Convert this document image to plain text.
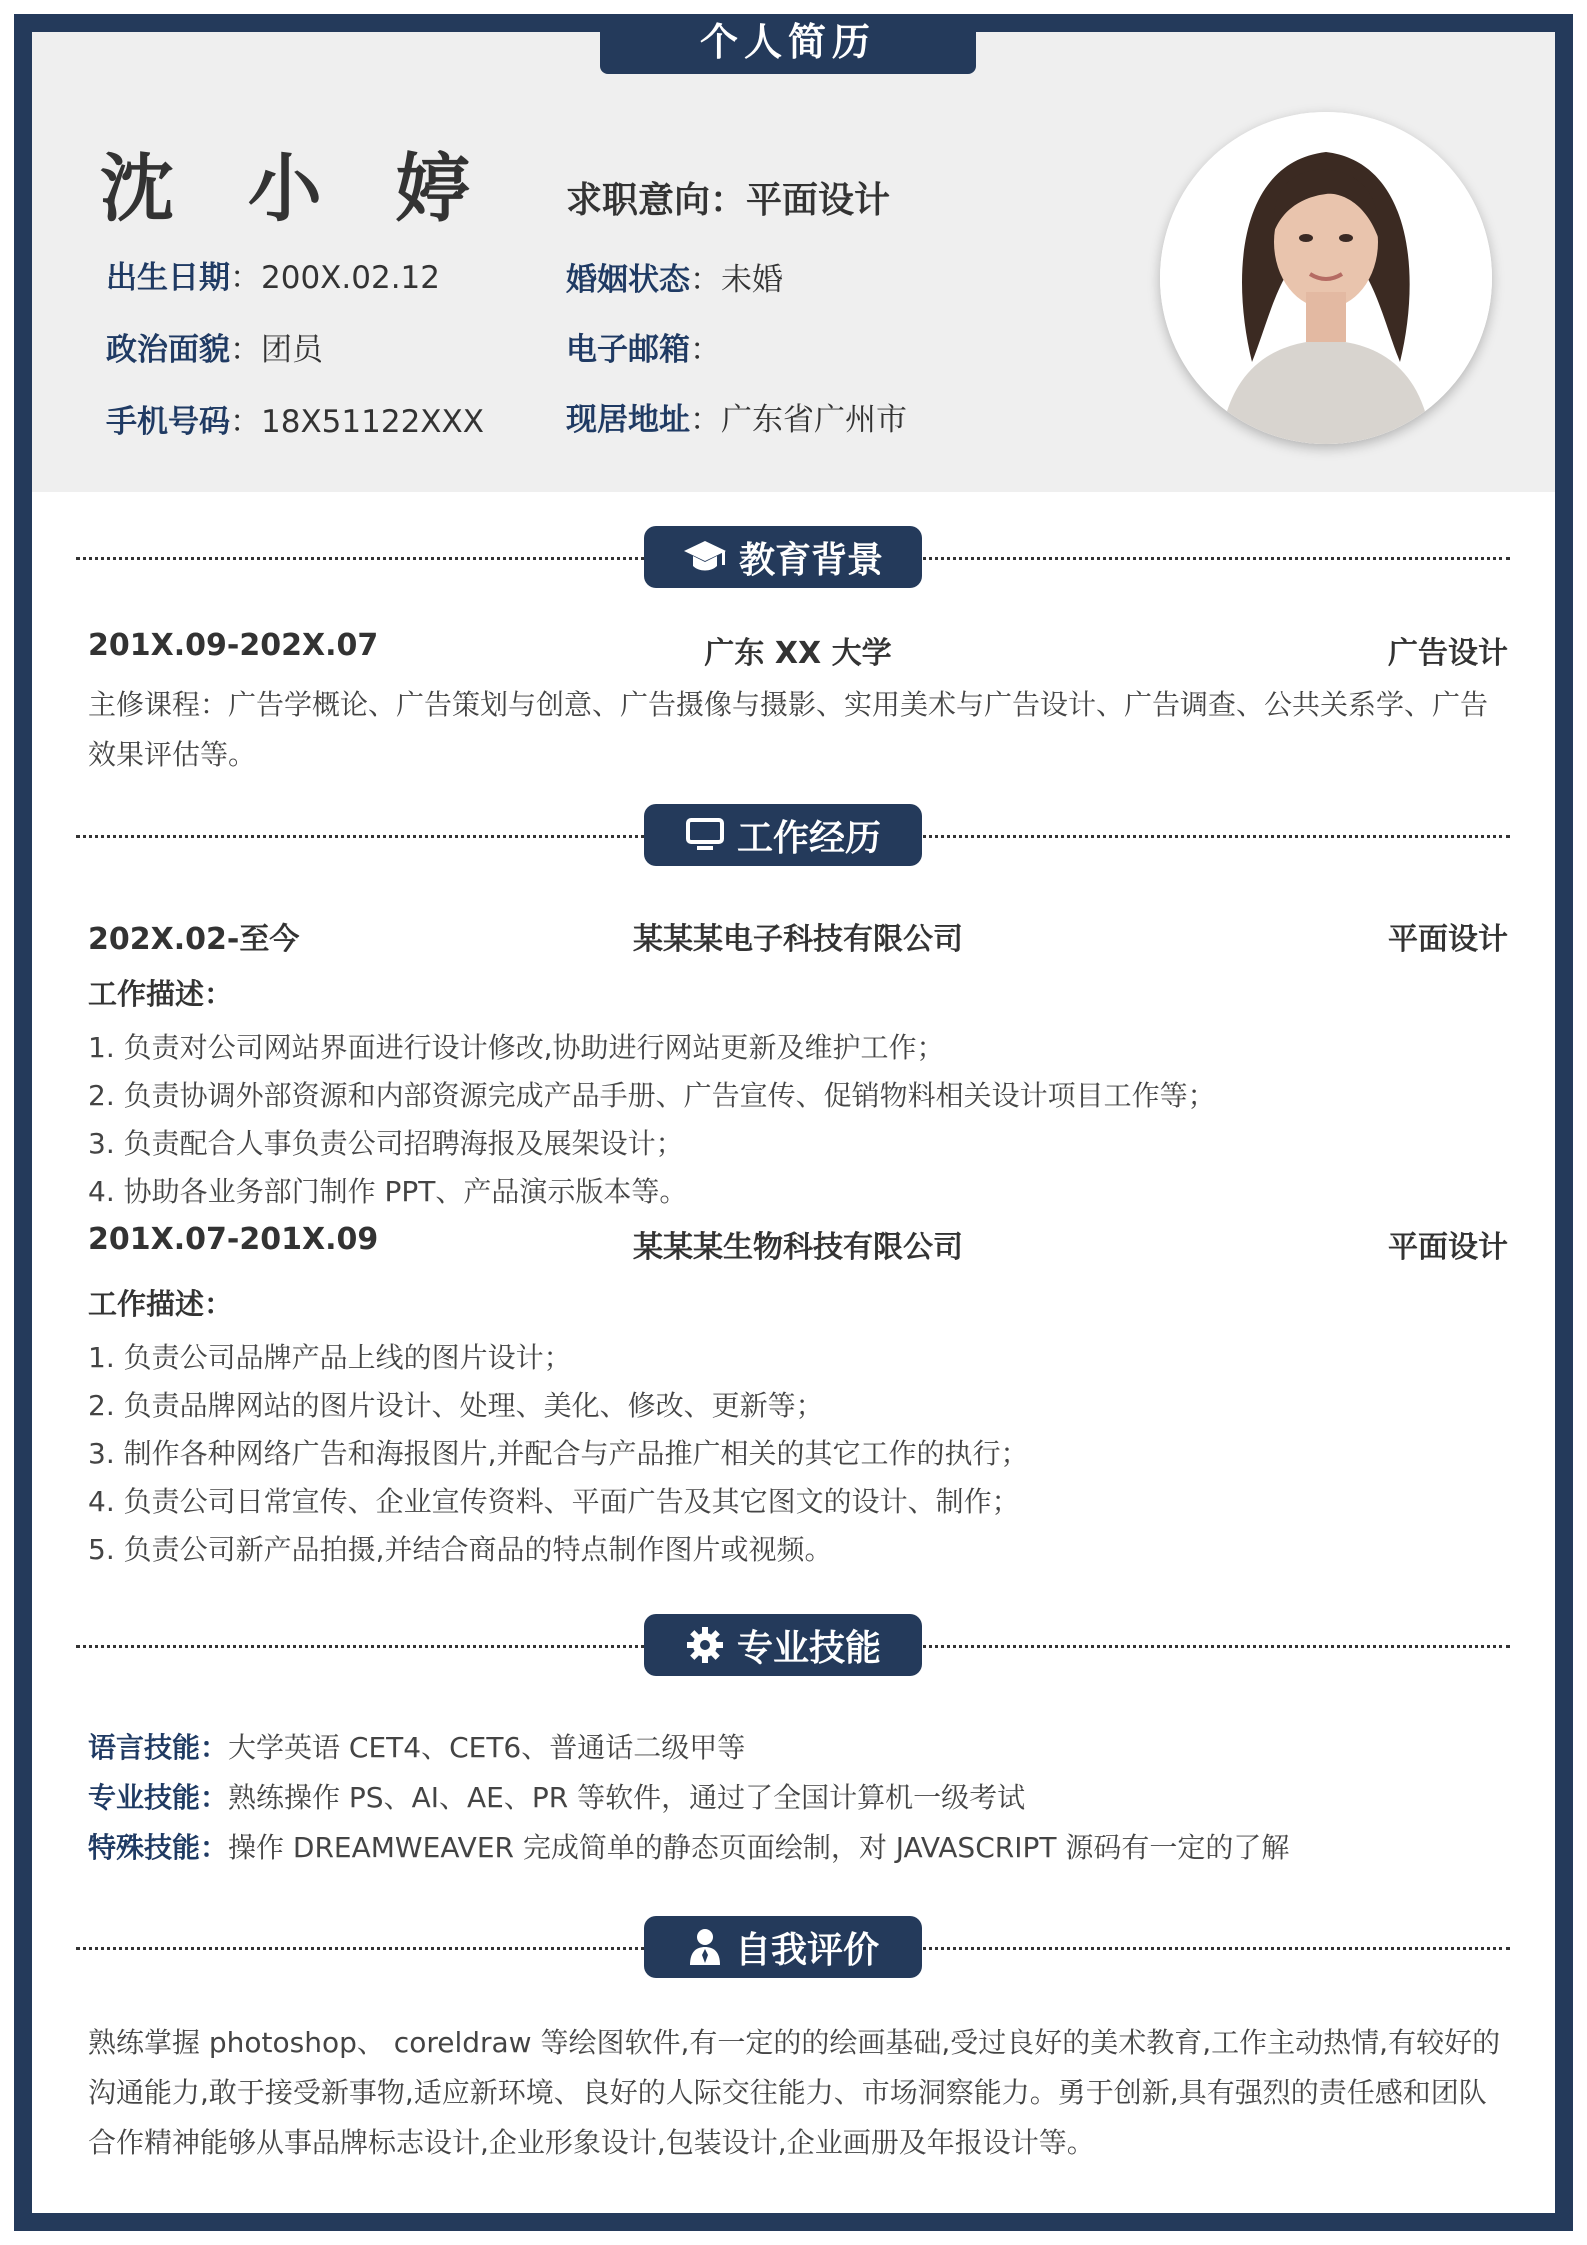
个人简历
沈 小 婷 求职意向：平面设计
出生日期：200X.02.12
政治面貌：团员
手机号码：18X51122XXX
婚姻状态：未婚
电子邮箱：
现居地址：广东省广州市
教育背景
201X.09-202X.07	广东 XX 大学	广告设计
主修课程：广告学概论、广告策划与创意、广告摄像与摄影、实用美术与广告设计、广告调查、公共关系学、广告效果评估等。
工作经历
202X.02-至今	某某某电子科技有限公司	平面设计
工作描述：
1. 负责对公司网站界面进行设计修改,协助进行网站更新及维护工作；
2. 负责协调外部资源和内部资源完成产品手册、广告宣传、促销物料相关设计项目工作等；
3. 负责配合人事负责公司招聘海报及展架设计；
4. 协助各业务部门制作 PPT、产品演示版本等。
201X.07-201X.09	某某某生物科技有限公司	平面设计
工作描述：
1. 负责公司品牌产品上线的图片设计；
2. 负责品牌网站的图片设计、处理、美化、修改、更新等；
3. 制作各种网络广告和海报图片,并配合与产品推广相关的其它工作的执行；
4. 负责公司日常宣传、企业宣传资料、平面广告及其它图文的设计、制作；
5. 负责公司新产品拍摄,并结合商品的特点制作图片或视频。
专业技能
语言技能：大学英语 CET4、CET6、普通话二级甲等
专业技能：熟练操作 PS、AI、AE、PR 等软件，通过了全国计算机一级考试
特殊技能：操作 DREAMWEAVER 完成简单的静态页面绘制，对 JAVASCRIPT 源码有一定的了解
自我评价
熟练掌握 photoshop、 coreldraw 等绘图软件,有一定的的绘画基础,受过良好的美术教育,工作主动热情,有较好的沟通能力,敢于接受新事物,适应新环境、良好的人际交往能力、市场洞察能力。勇于创新,具有强烈的责任感和团队合作精神能够从事品牌标志设计,企业形象设计,包装设计,企业画册及年报设计等。
